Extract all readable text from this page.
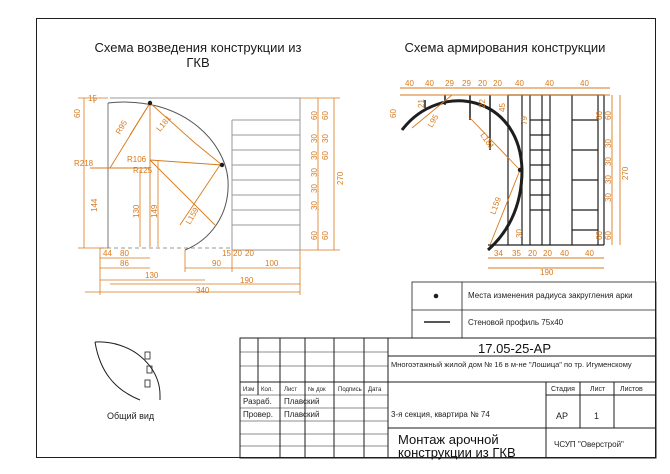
Схема возведения конструкции из ГКВ
Схема армирования конструкции
60
15
R218
R95	L181
R106
R125
144	130 149	L159
44 80
86
130
90
15 20 20
100
190
340
60
30
30
30
30
30
60
60
30
60
60
270
40 40 29 29 20 20 40	40	40
60
21
L95
22 45
79
L181
L159
30
34 35 20 20 40 40
190
60
30
30
30
30
60
60
60
270
Общий вид
Места изменения радиуса закругления арки
Стеновой профиль 75x40
17.05-25-АР
Многоэтажный жилой дом № 16 в м-не "Лошица" по тр. Игуменскому
Изм Кол. Лист № док Подпись Дата
Разраб. Плавский
Провер. Плавский	3-я секция, квартира № 74
Стадия Лист Листов
АР	1
Монтаж арочной конструкции из ГКВ
ЧСУП "Оверстрой"
